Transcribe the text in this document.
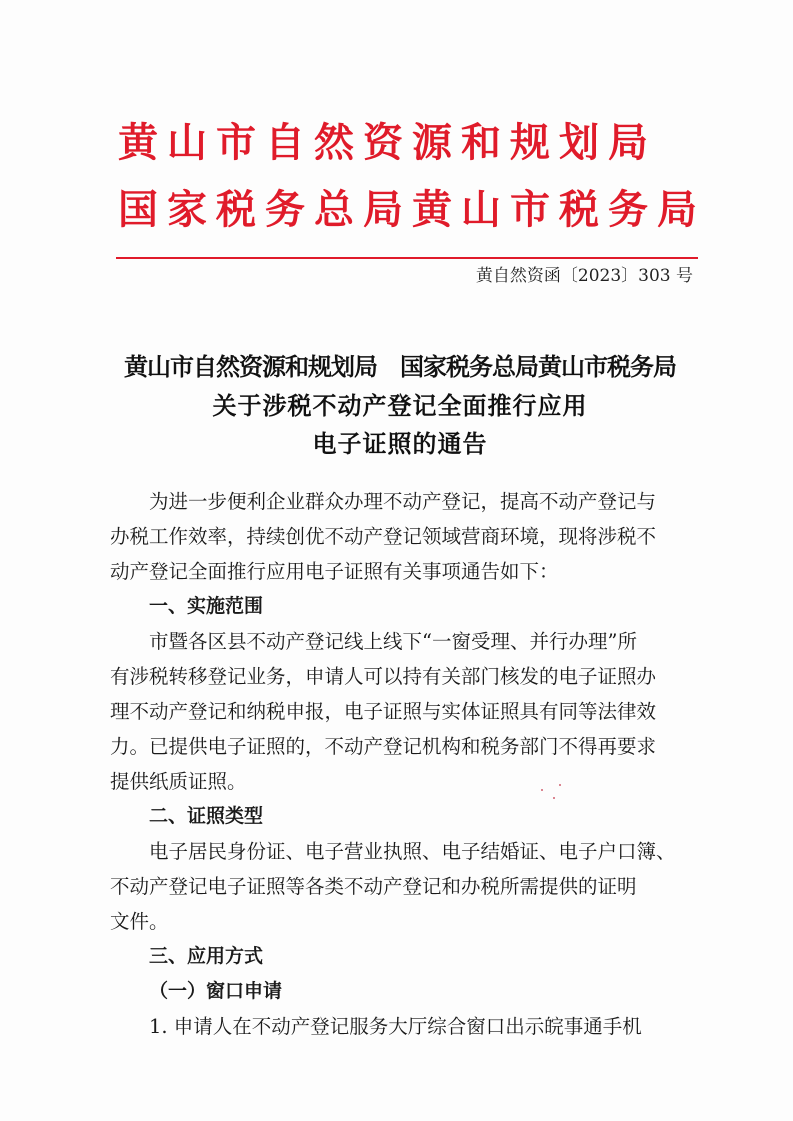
黄山市自然资源和规划局
国家税务总局黄山市税务局
黄自然资函〔2023〕303 号
黄山市自然资源和规划局　国家税务总局黄山市税务局
关于涉税不动产登记全面推行应用
电子证照的通告
为进一步便利企业群众办理不动产登记，提高不动产登记与
办税工作效率，持续创优不动产登记领域营商环境，现将涉税不
动产登记全面推行应用电子证照有关事项通告如下：
一、实施范围
市暨各区县不动产登记线上线下“一窗受理、并行办理”所
有涉税转移登记业务，申请人可以持有关部门核发的电子证照办
理不动产登记和纳税申报，电子证照与实体证照具有同等法律效
力。已提供电子证照的，不动产登记机构和税务部门不得再要求
提供纸质证照。
二、证照类型
电子居民身份证、电子营业执照、电子结婚证、电子户口簿、
不动产登记电子证照等各类不动产登记和办税所需提供的证明
文件。
三、应用方式
（一）窗口申请
1. 申请人在不动产登记服务大厅综合窗口出示皖事通手机
